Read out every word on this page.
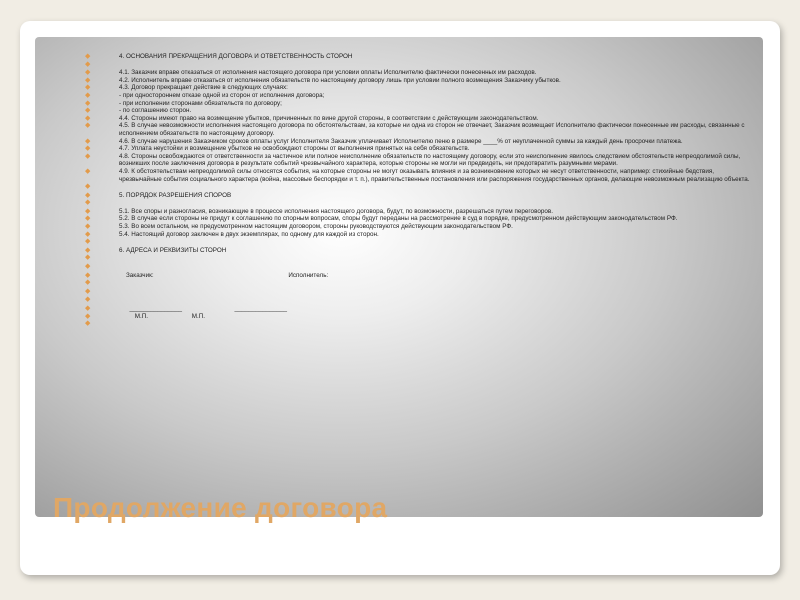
◆	4. ОСНОВАНИЯ ПРЕКРАЩЕНИЯ ДОГОВОРА И ОТВЕТСТВЕННОСТЬ СТОРОН
◆
◆	4.1. Заказчик вправе отказаться от исполнения настоящего договора при условии оплаты Исполнителю фактически понесенных им расходов.
◆	4.2. Исполнитель вправе отказаться от исполнения обязательств по настоящему договору лишь при условии полного возмещения Заказчику убытков.
◆	4.3. Договор прекращает действие в следующих случаях:
◆	- при одностороннем отказе одной из сторон от исполнения договора;
◆	- при исполнении сторонами обязательств по договору;
◆	- по соглашению сторон.
◆	4.4. Стороны имеют право на возмещение убытков, причиненных по вине другой стороны, в соответствии с действующим законодательством.
◆	4.5. В случае невозможности исполнения настоящего договора по обстоятельствам, за которые ни одна из сторон не отвечает, Заказчик возмещает Исполнителю фактически понесенные им расходы, связанные с исполнением обязательств по настоящему договору.
◆	4.6. В случае нарушения Заказчиком сроков оплаты услуг Исполнителя Заказчик уплачивает Исполнителю пеню в размере ____% от неуплаченной суммы за каждый день просрочки платежа.
◆	4.7. Уплата неустойки и возмещение убытков не освобождают стороны от выполнения принятых на себя обязательств.
◆	4.8. Стороны освобождаются от ответственности за частичное или полное неисполнение обязательств по настоящему договору, если это неисполнение явилось следствием обстоятельств непреодолимой силы, возникших после заключения договора в результате событий чрезвычайного характера, которые стороны не могли ни предвидеть, ни предотвратить разумными мерами.
◆	4.9. К обстоятельствам непреодолимой силы относятся события, на которые стороны не могут оказывать влияния и за возникновение которых не несут ответственности, например: стихийные бедствия, чрезвычайные события социального характера (война, массовые беспорядки и т. п.), правительственные постановления или распоряжения государственных органов, делающие невозможным реализацию объекта.
◆
◆	5. ПОРЯДОК РАЗРЕШЕНИЯ СПОРОВ
◆
◆	5.1. Все споры и разногласия, возникающие в процессе исполнения настоящего договора, будут, по возможности, разрешаться путем переговоров.
◆	5.2. В случае если стороны не придут к соглашению по спорным вопросам, споры будут переданы на рассмотрение в суд в порядке, предусмотренном действующим законодательством РФ.
◆	5.3. Во всем остальном, не предусмотренном настоящим договором, стороны руководствуются действующим законодательством РФ.
◆	5.4. Настоящий договор заключен в двух экземплярах, по одному для каждой из сторон.
◆
◆	6. АДРЕСА И РЕКВИЗИТЫ СТОРОН
◆
◆
◆	Заказчик:                                                                             Исполнитель:
◆
◆
◆
◆	_______________                              _______________
◆	М.П.                         М.П.
◆
Продолжение договора
